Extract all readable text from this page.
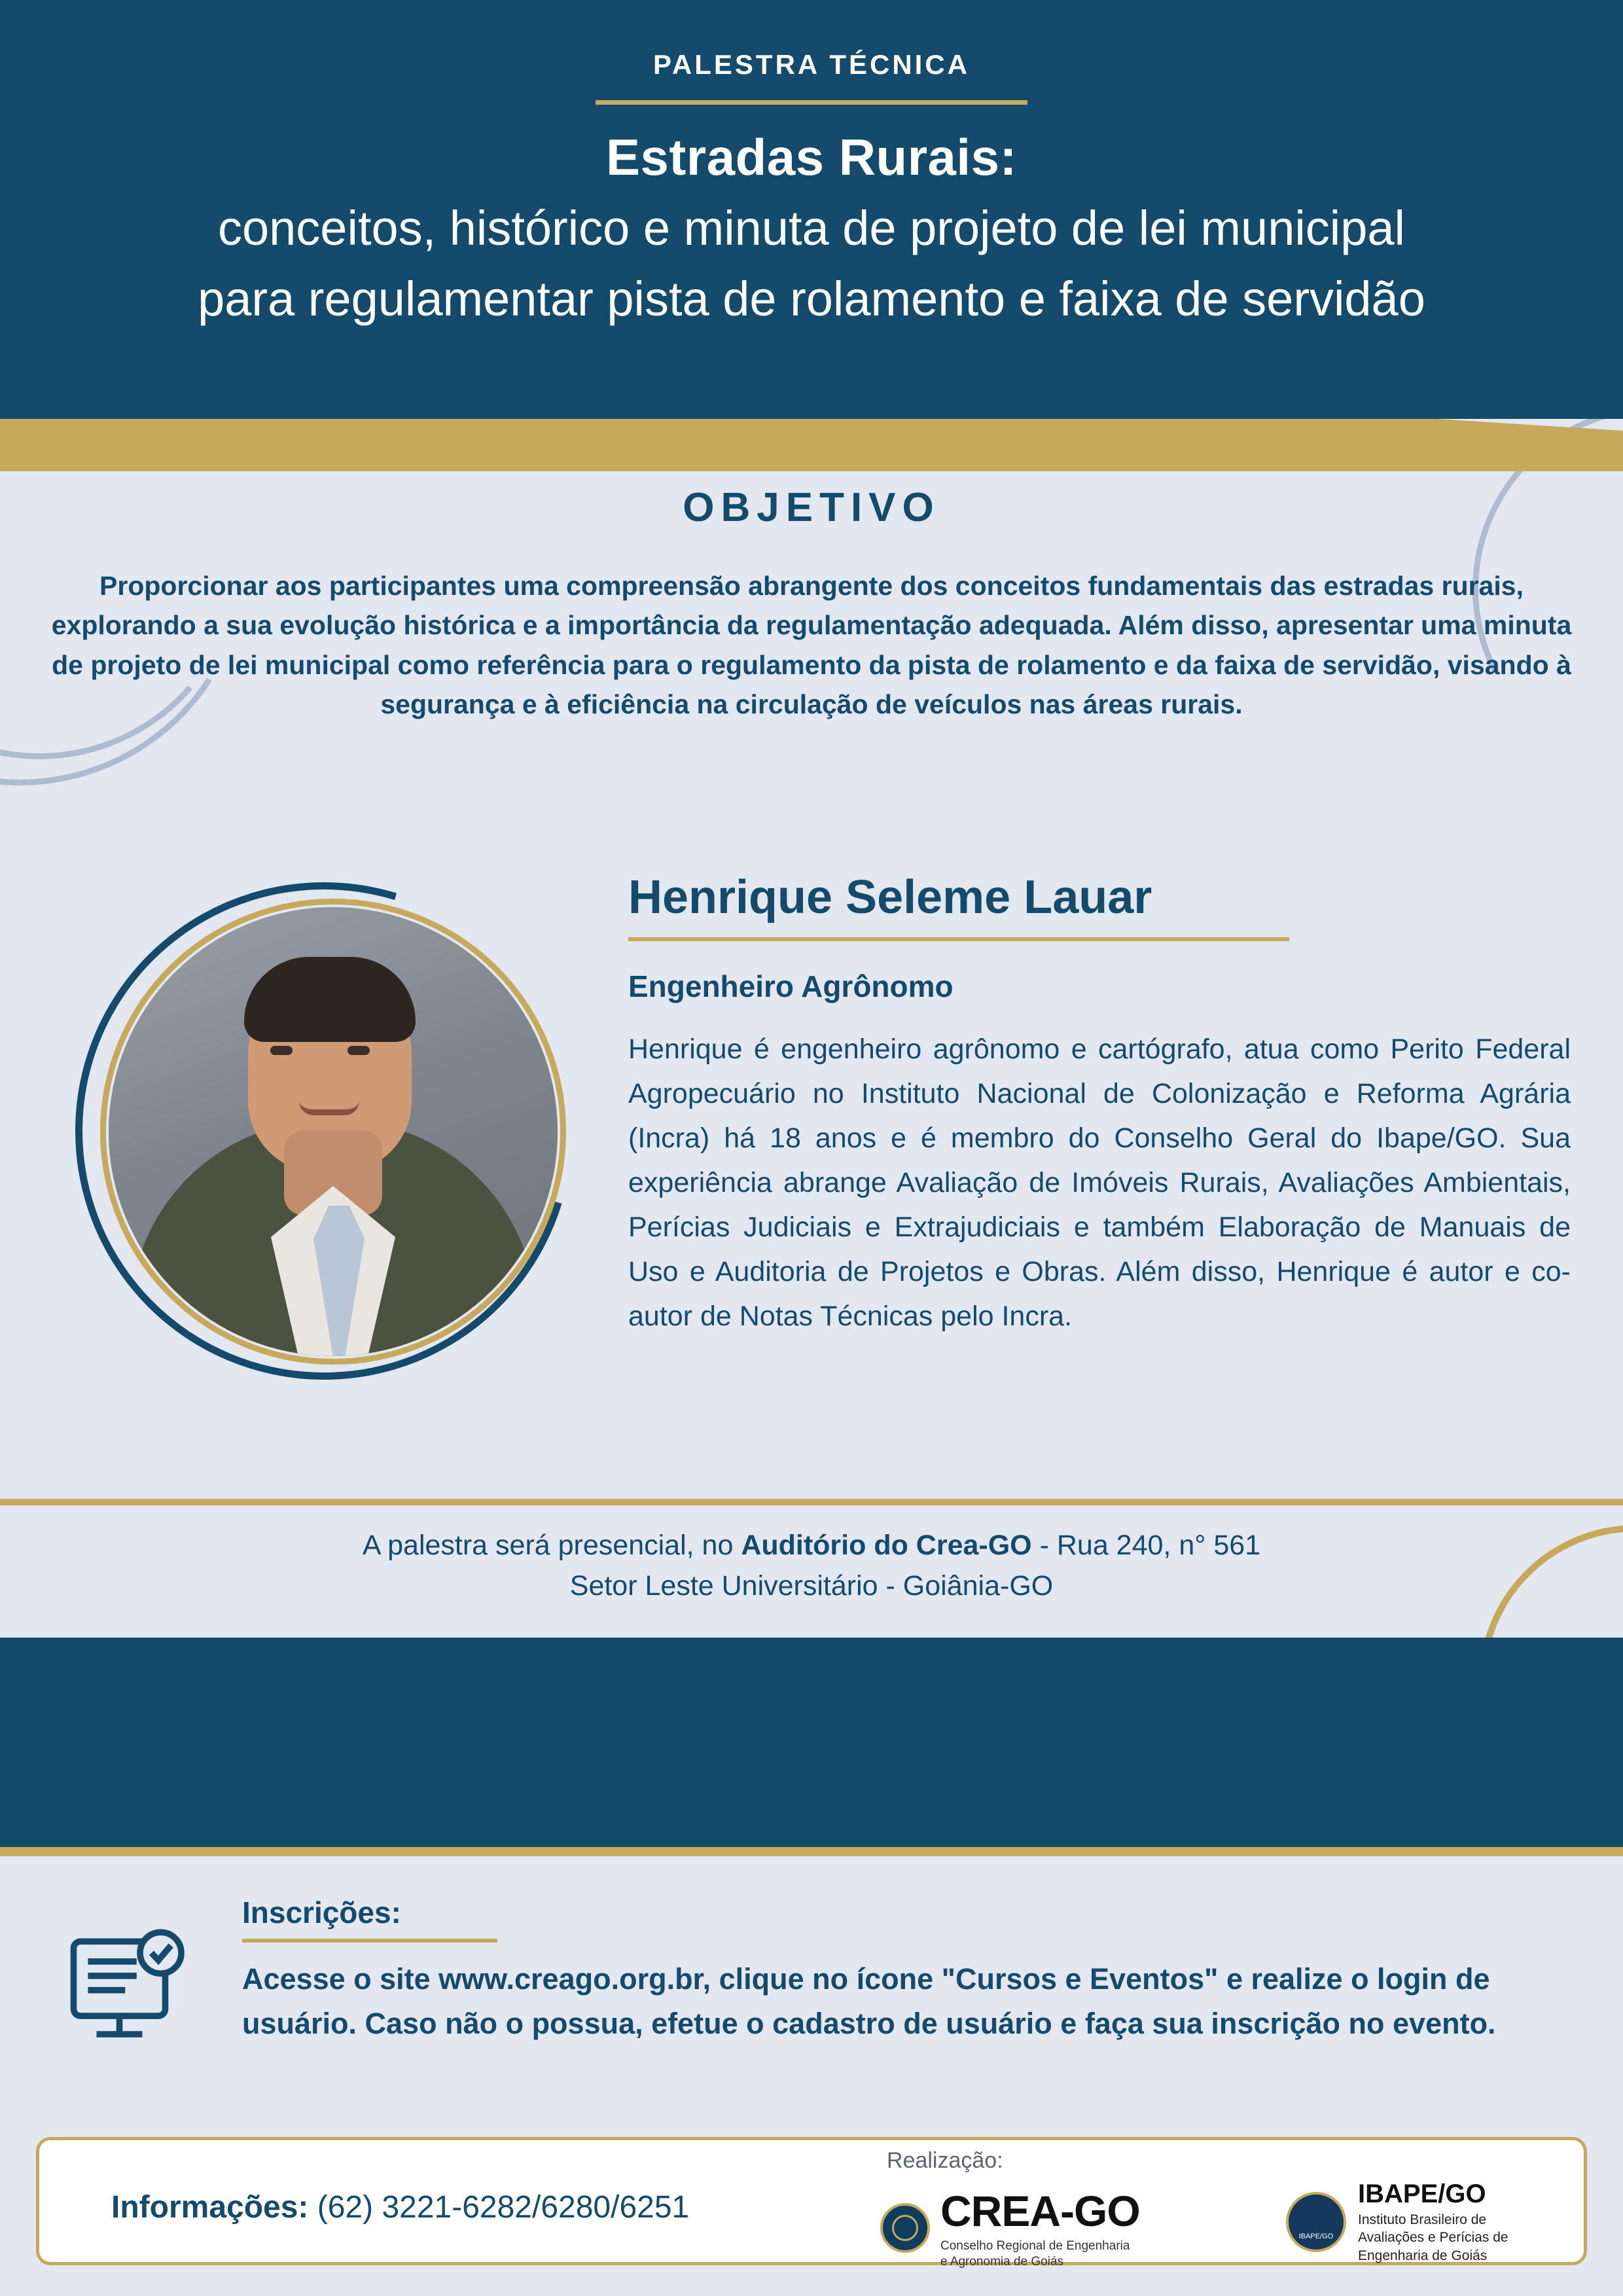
PALESTRA TÉCNICA
Estradas Rurais:
conceitos, histórico e minuta de projeto de lei municipal
para regulamentar pista de rolamento e faixa de servidão
OBJETIVO
Proporcionar aos participantes uma compreensão abrangente dos conceitos fundamentais das estradas rurais, explorando a sua evolução histórica e a importância da regulamentação adequada. Além disso, apresentar uma minuta de projeto de lei municipal como referência para o regulamento da pista de rolamento e da faixa de servidão, visando à segurança e à eficiência na circulação de veículos nas áreas rurais.
Henrique Seleme Lauar
Engenheiro Agrônomo
Henrique é engenheiro agrônomo e cartógrafo, atua como Perito Federal Agropecuário no Instituto Nacional de Colonização e Reforma Agrária (Incra) há 18 anos e é membro do Conselho Geral do Ibape/GO. Sua experiência abrange Avaliação de Imóveis Rurais, Avaliações Ambientais, Perícias Judiciais e Extrajudiciais e também Elaboração de Manuais de Uso e Auditoria de Projetos e Obras. Além disso, Henrique é autor e co-autor de Notas Técnicas pelo Incra.
A palestra será presencial, no Auditório do Crea-GO - Rua 240, n° 561
Setor Leste Universitário - Goiânia-GO

Inscrições:
Acesse o site www.creago.org.br, clique no ícone "Cursos e Eventos" e realize o login de usuário. Caso não o possua, efetue o cadastro de usuário e faça sua inscrição no evento.
Informações: (62) 3221-6282/6280/6251
Realização:
CREA-GO
Conselho Regional de Engenharia
e Agronomia de Goiás
IBAPE/GO
IBAPE/GO
Instituto Brasileiro de
Avaliações e Perícias de
Engenharia de Goiás
